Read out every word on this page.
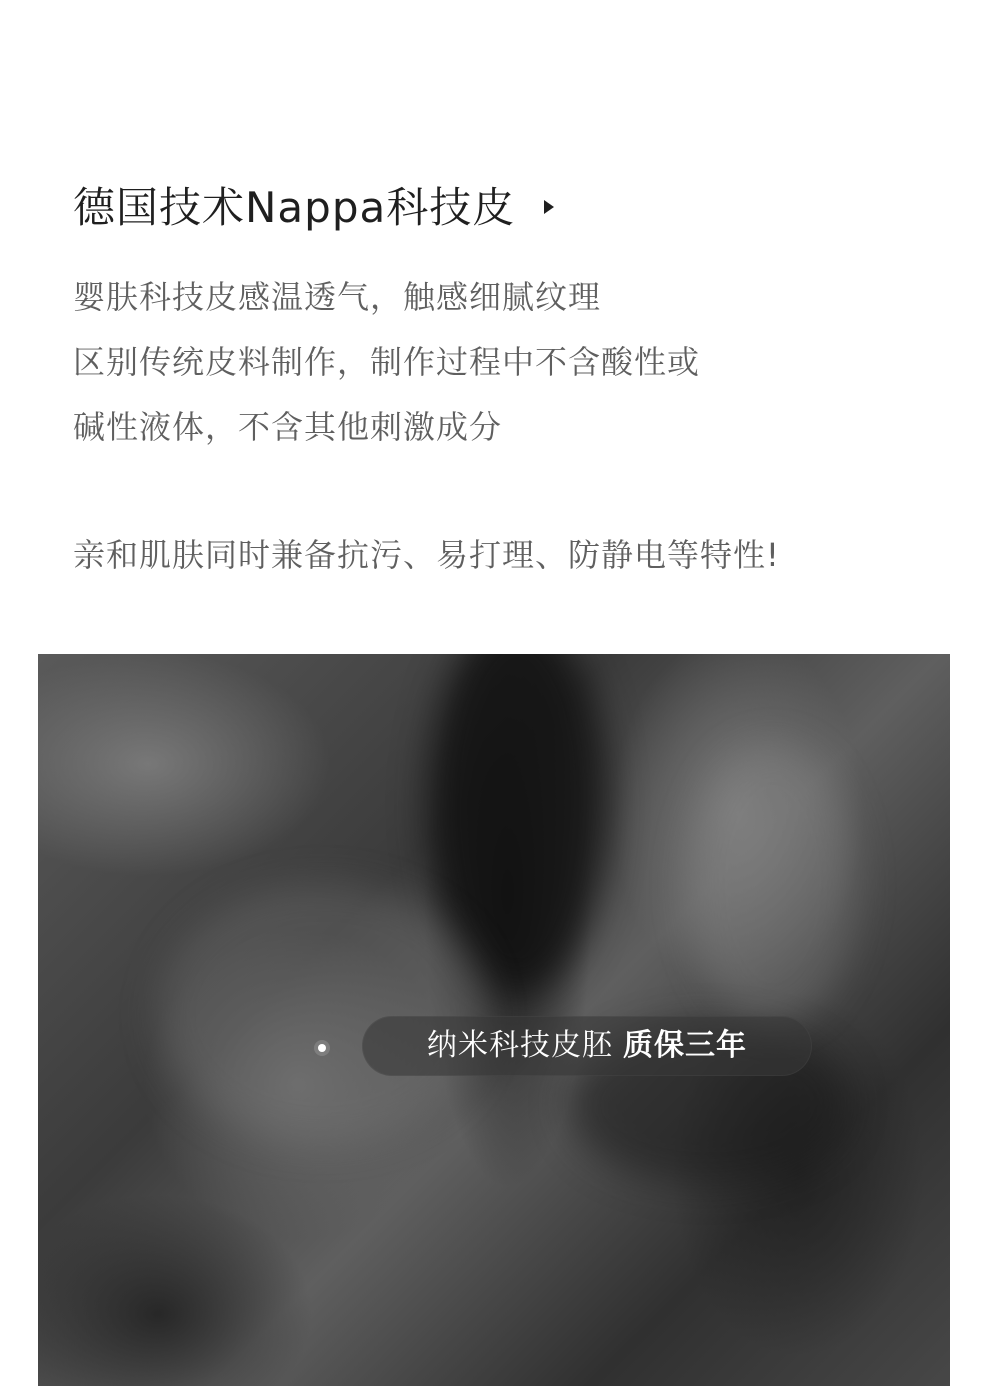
德国技术Nappa科技皮
婴肤科技皮感温透气，触感细腻纹理
区别传统皮料制作，制作过程中不含酸性或
碱性液体，不含其他刺激成分
亲和肌肤同时兼备抗污、易打理、防静电等特性!
纳米科技皮胚 质保三年
